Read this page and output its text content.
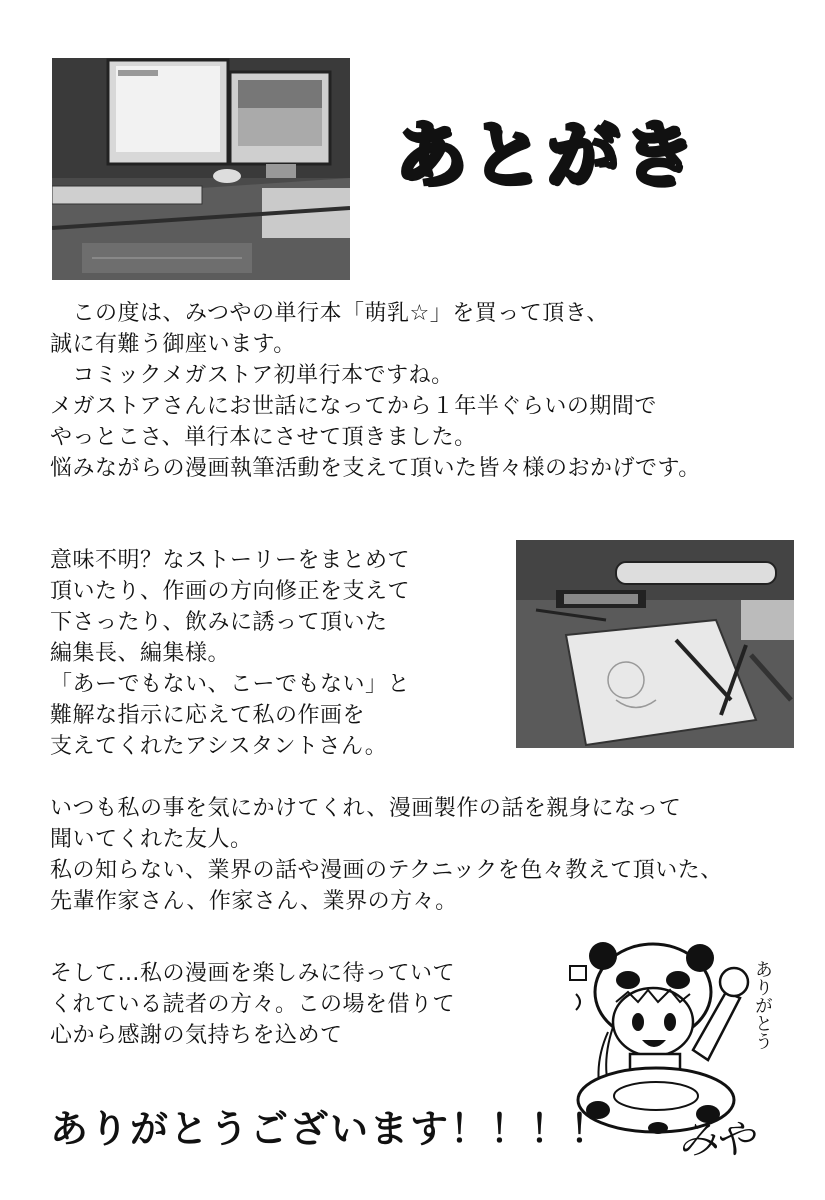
あとがき
　この度は、みつやの単行本「萌乳☆」を買って頂き、
誠に有難う御座います。
　コミックメガストア初単行本ですね。
メガストアさんにお世話になってから１年半ぐらいの期間で
やっとこさ、単行本にさせて頂きました。
悩みながらの漫画執筆活動を支えて頂いた皆々様のおかげです。
意味不明？なストーリーをまとめて
頂いたり、作画の方向修正を支えて
下さったり、飲みに誘って頂いた
編集長、編集様。
「あーでもない、こーでもない」と
難解な指示に応えて私の作画を
支えてくれたアシスタントさん。
いつも私の事を気にかけてくれ、漫画製作の話を親身になって
聞いてくれた友人。
私の知らない、業界の話や漫画のテクニックを色々教えて頂いた、
先輩作家さん、作家さん、業界の方々。
そして…私の漫画を楽しみに待っていて
くれている読者の方々。この場を借りて
心から感謝の気持ちを込めて	ありがとう
みや
ありがとうございます！！！！
